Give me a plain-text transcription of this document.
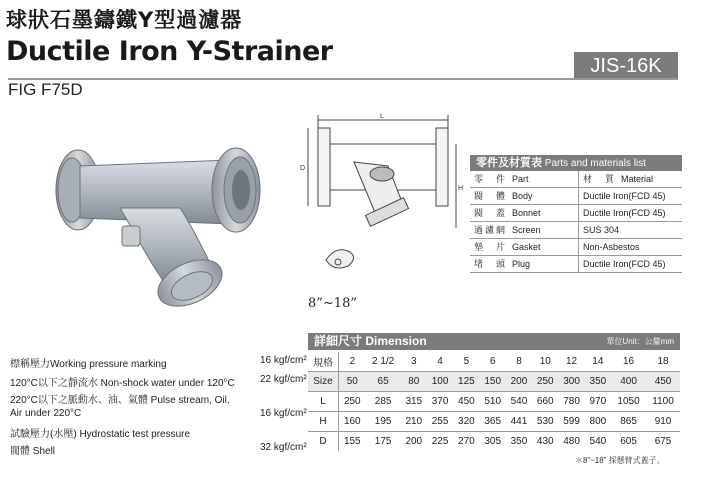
球狀石墨鑄鐵Y型過濾器
Ductile Iron Y-Strainer	JIS-16K
FIG F75D
L
D
H
8”~18”
零件及材質表 Parts and materials list
零　件 Part	材　質 Material
閥　體 Body	Ductile Iron(FCD 45)
閥　蓋 Bonnet	Ductile Iron(FCD 45)
過濾網 Screen	SUS 304
墊　片 Gasket	Non-Asbestos
堵　頭 Plug	Ductile Iron(FCD 45)
標稱壓力Working pressure marking	16 kgf/cm²
120°C以下之靜流水 Non-shock water under 120°C	22 kgf/cm²
220°C以下之脈動水、油、氣體 Pulse stream, Oil,
Air under 220°C	16 kgf/cm²
試驗壓力(水壓) Hydrostatic test pressure
閥體 Shell	32 kgf/cm²
詳細尺寸 Dimension	單位Unit：公釐mm
規格	2	2 1/2	3	4	5	6	8	10	12	14	16	18
Size	50	65	80	100	125	150	200	250	300	350	400	450
L	250	285	315	370	450	510	540	660	780	970	1050	1100
H	160	195	210	255	320	365	441	530	599	800	865	910
D	155	175	200	225	270	305	350	430	480	540	605	675
＊8”~18” 採懸臂式蓋子。
